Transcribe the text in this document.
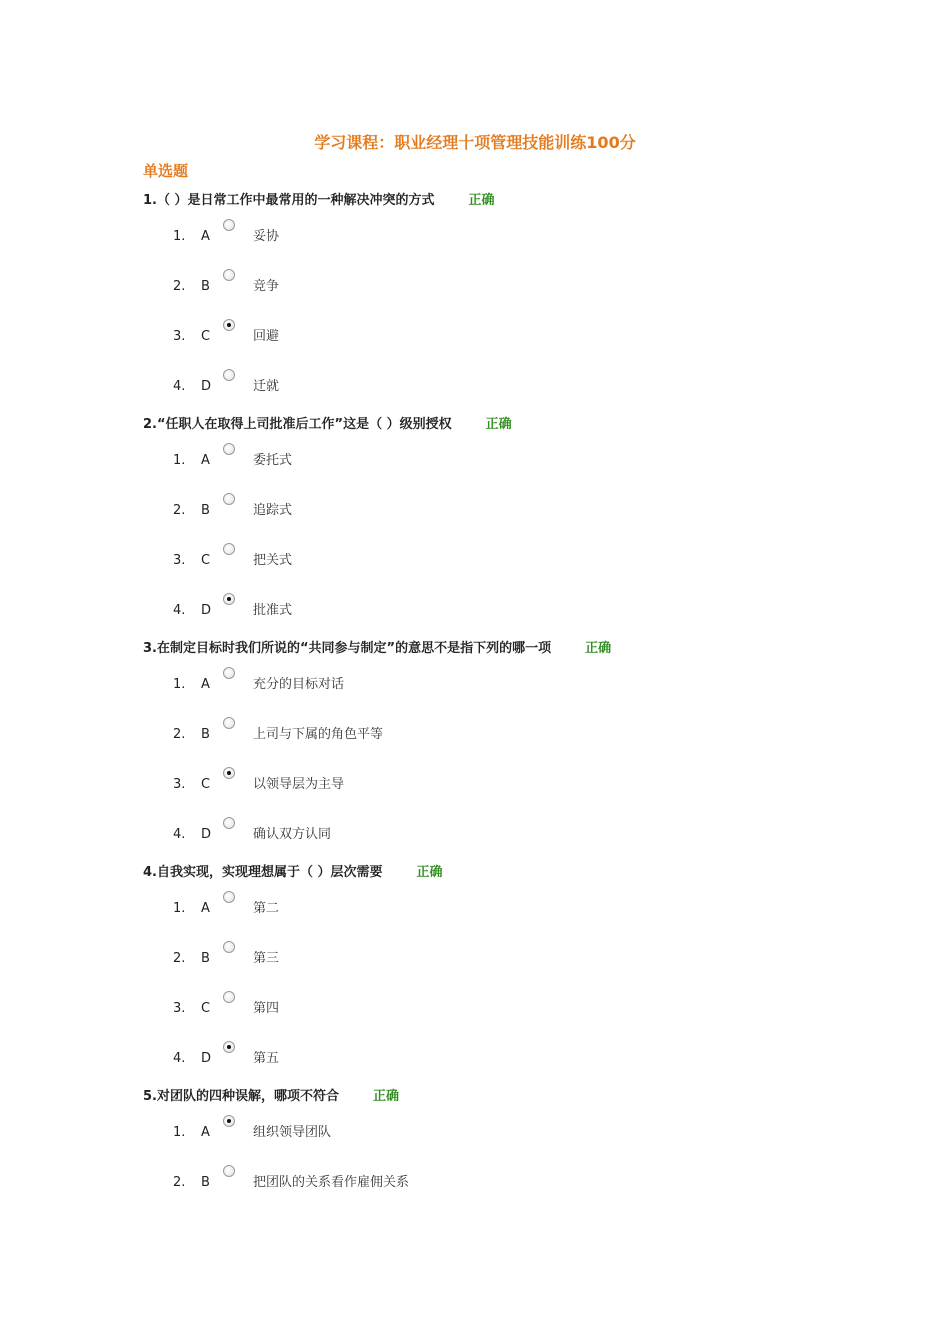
学习课程：职业经理十项管理技能训练100分
单选题
1.（ ）是日常工作中最常用的一种解决冲突的方式	正确
1. A	妥协
2. B	竞争
3. C	回避
4. D	迁就
2.“任职人在取得上司批准后工作”这是（ ）级别授权	正确
1. A	委托式
2. B	追踪式
3. C	把关式
4. D	批准式
3.在制定目标时我们所说的“共同参与制定”的意思不是指下列的哪一项	正确
1. A	充分的目标对话
2. B	上司与下属的角色平等
3. C	以领导层为主导
4. D	确认双方认同
4.自我实现，实现理想属于（ ）层次需要	正确
1. A	第二
2. B	第三
3. C	第四
4. D	第五
5.对团队的四种误解，哪项不符合	正确
1. A	组织领导团队
2. B	把团队的关系看作雇佣关系
